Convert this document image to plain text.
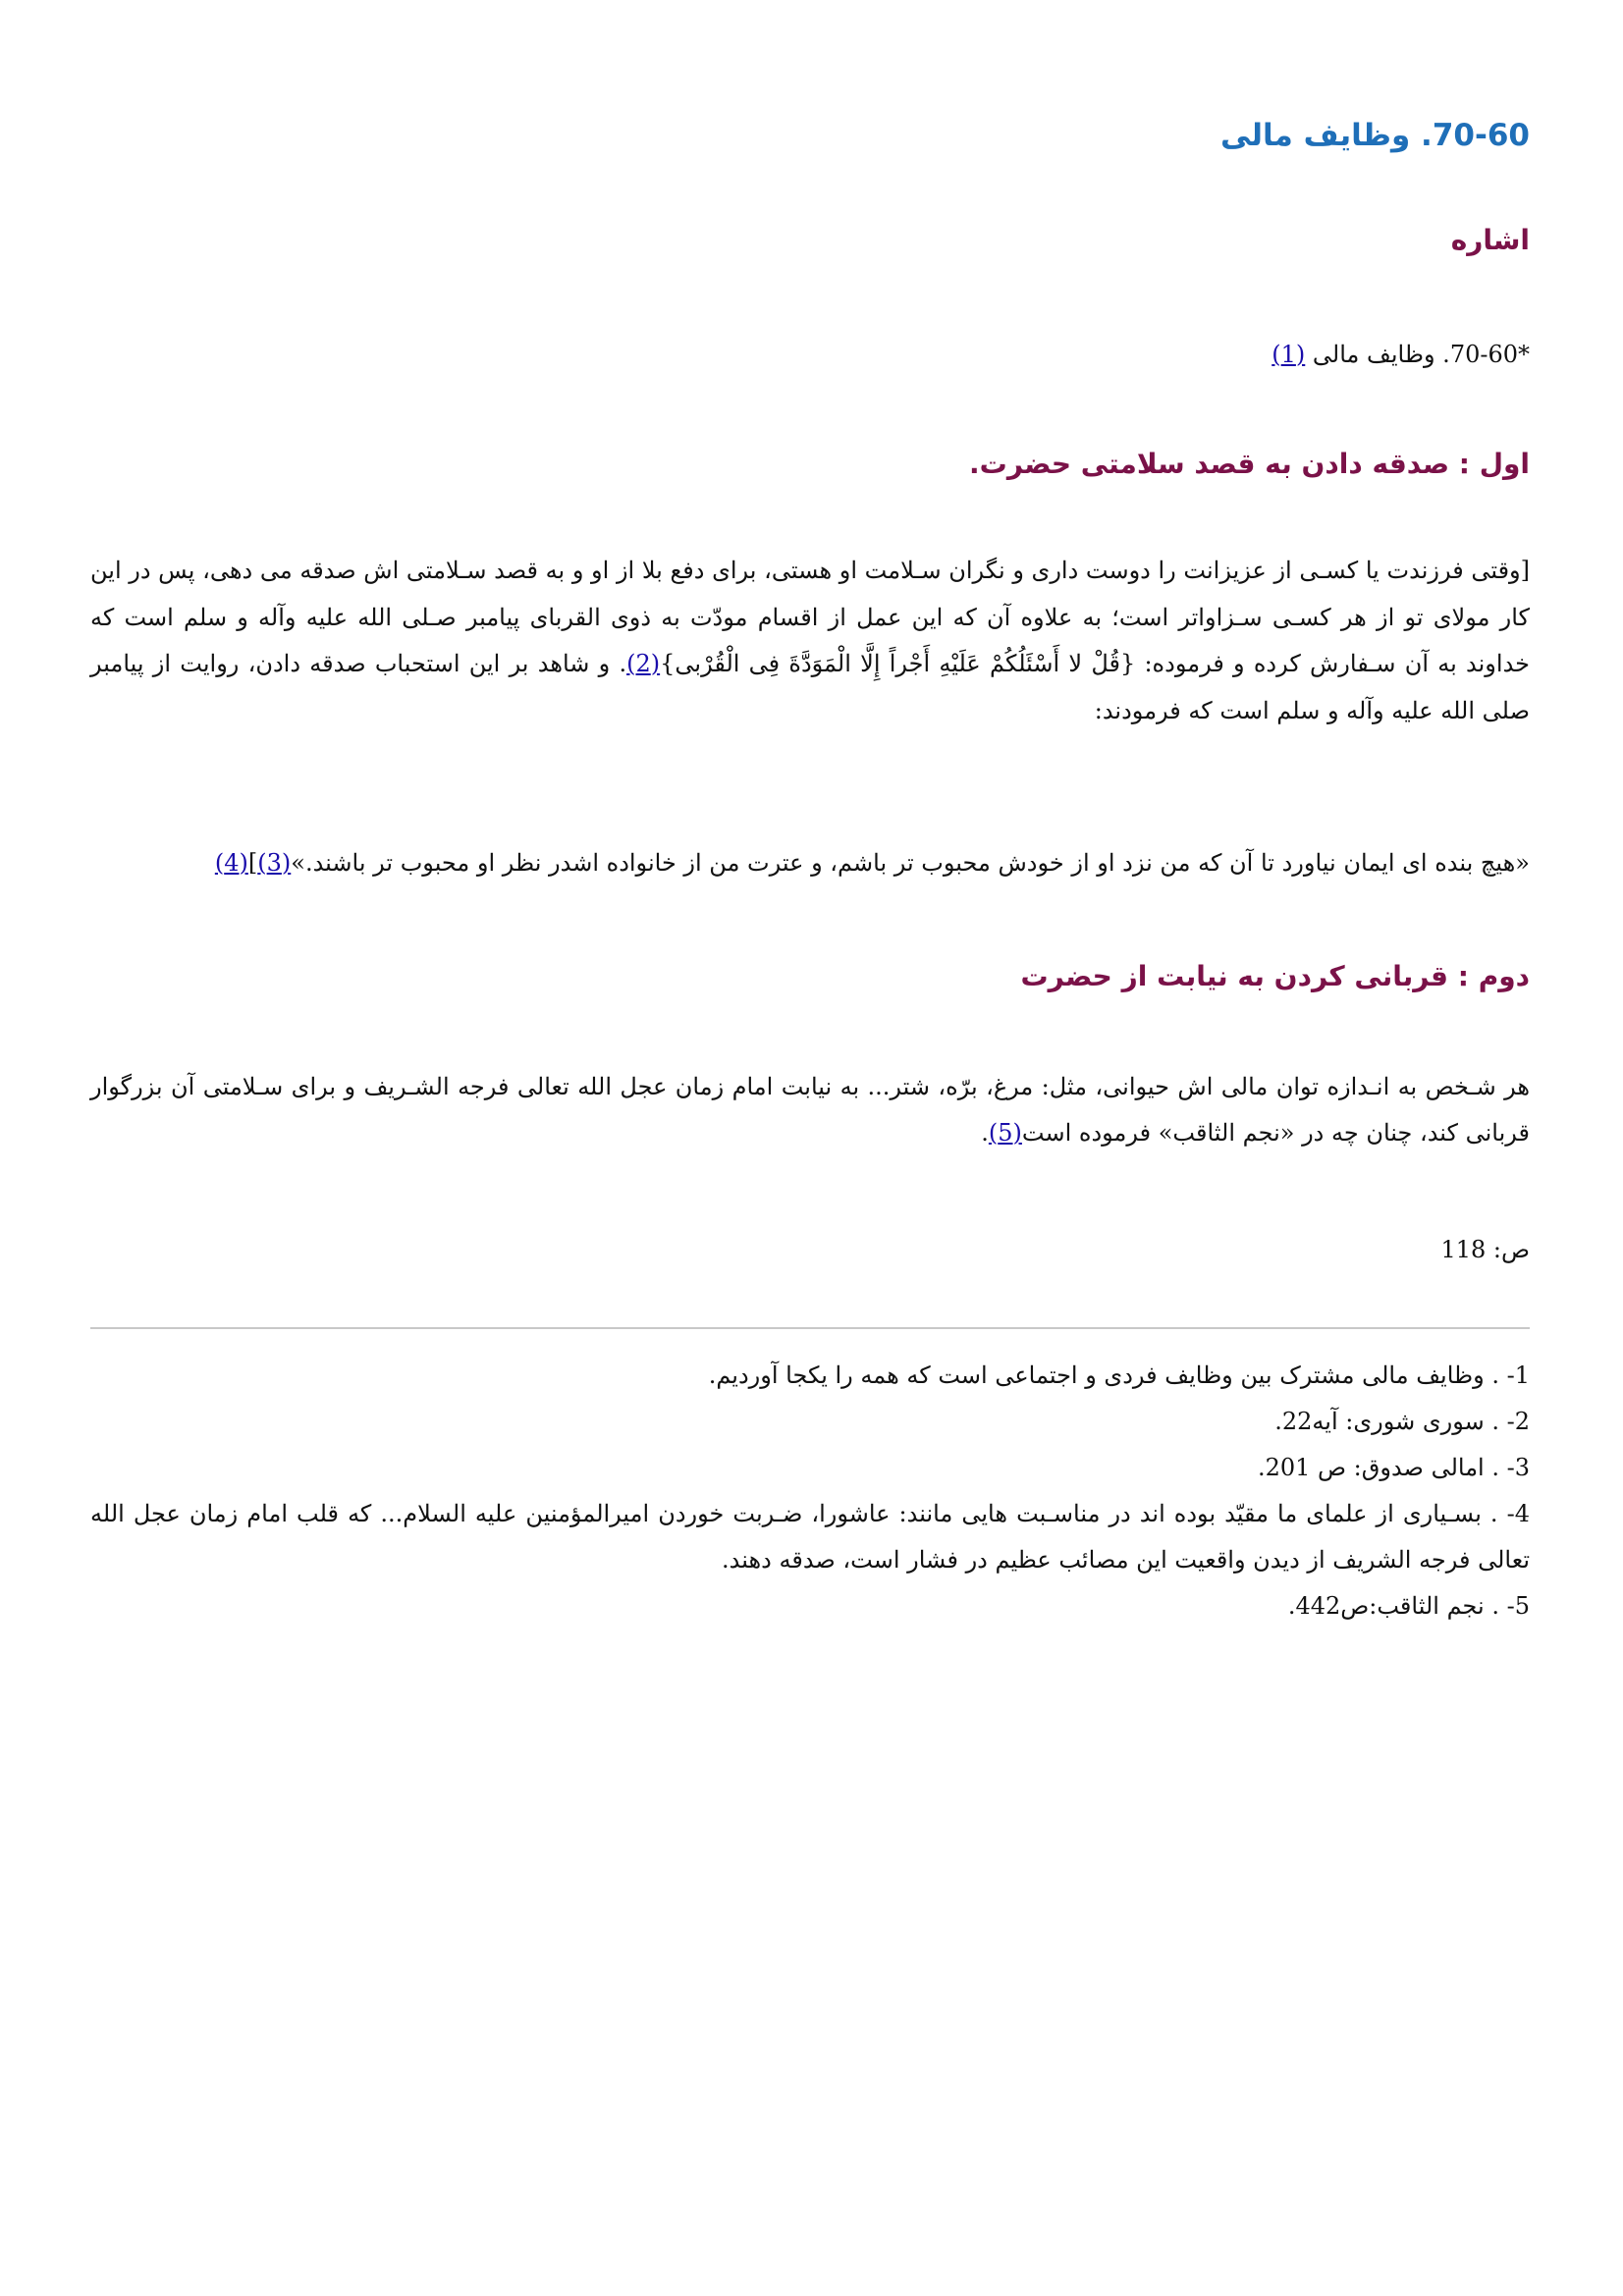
70-60. وظایف مالی
اشاره
*70-60. وظایف مالی (1)
اول : صدقه دادن به قصد سلامتی حضرت.
[وقتی فرزندت یا کسـی از عزیزانت را دوست داری و نگران سـلامت او هستی، برای دفع بلا از او و به قصد سـلامتی اش صدقه می دهی، پس در این کار مولای تو از هر کسـی سـزاواتر است؛ به علاوه آن که این عمل از اقسام مودّت به ذوی القربای پیامبر صـلی الله علیه وآله و سلم است که خداوند به آن سـفارش کرده و فرموده: {قُلْ لا أَسْئَلُکُمْ عَلَیْهِ أَجْراً إِلَّا الْمَوَدَّةَ فِی الْقُرْبی}(2). و شاهد بر این استحباب صدقه دادن، روایت از پیامبر صلی الله علیه وآله و سلم است که فرمودند:
«هیچ بنده ای ایمان نیاورد تا آن که من نزد او از خودش محبوب تر باشم، و عترت من از خانواده اشدر نظر او محبوب تر باشند.»(3)](4)
دوم : قربانی کردن به نیابت از حضرت
هر شـخص به انـدازه توان مالی اش حیوانی، مثل: مرغ، برّه، شتر... به نیابت امام زمان عجل الله تعالی فرجه الشـریف و برای سـلامتی آن بزرگوار قربانی کند، چنان چه در «نجم الثاقب» فرموده است(5).
ص: 118

1- . وظایف مالی مشترک بین وظایف فردی و اجتماعی است که همه را یکجا آوردیم.

2- . سوری شوری: آیه22.

3- . امالی صدوق: ص 201.

4- . بسـیاری از علمای ما مقیّد بوده اند در مناسـبت هایی مانند: عاشورا، ضـربت خوردن امیرالمؤمنین علیه السلام... که قلب امام زمان عجل الله تعالی فرجه الشریف از دیدن واقعیت این مصائب عظیم در فشار است، صدقه دهند.

5- . نجم الثاقب:ص442.
